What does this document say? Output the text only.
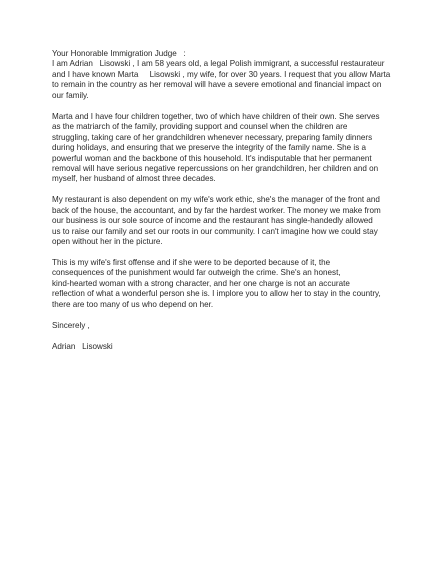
Your Honorable Immigration Judge   :
I am Adrian   Lisowski , I am 58 years old, a legal Polish immigrant, a successful restaurateur
and I have known Marta     Lisowski , my wife, for over 30 years. I request that you allow Marta
to remain in the country as her removal will have a severe emotional and financial impact on
our family.
Marta and I have four children together, two of which have children of their own. She serves
as the matriarch of the family, providing support and counsel when the children are
struggling, taking care of her grandchildren whenever necessary, preparing family dinners
during holidays, and ensuring that we preserve the integrity of the family name. She is a
powerful woman and the backbone of this household. It's indisputable that her permanent
removal will have serious negative repercussions on her grandchildren, her children and on
myself, her husband of almost three decades.
My restaurant is also dependent on my wife's work ethic, she's the manager of the front and
back of the house, the accountant, and by far the hardest worker. The money we make from
our business is our sole source of income and the restaurant has single-handedly allowed
us to raise our family and set our roots in our community. I can't imagine how we could stay
open without her in the picture.
This is my wife's first offense and if she were to be deported because of it, the
consequences of the punishment would far outweigh the crime. She's an honest,
kind-hearted woman with a strong character, and her one charge is not an accurate
reflection of what a wonderful person she is. I implore you to allow her to stay in the country,
there are too many of us who depend on her.
Sincerely ,
Adrian   Lisowski
